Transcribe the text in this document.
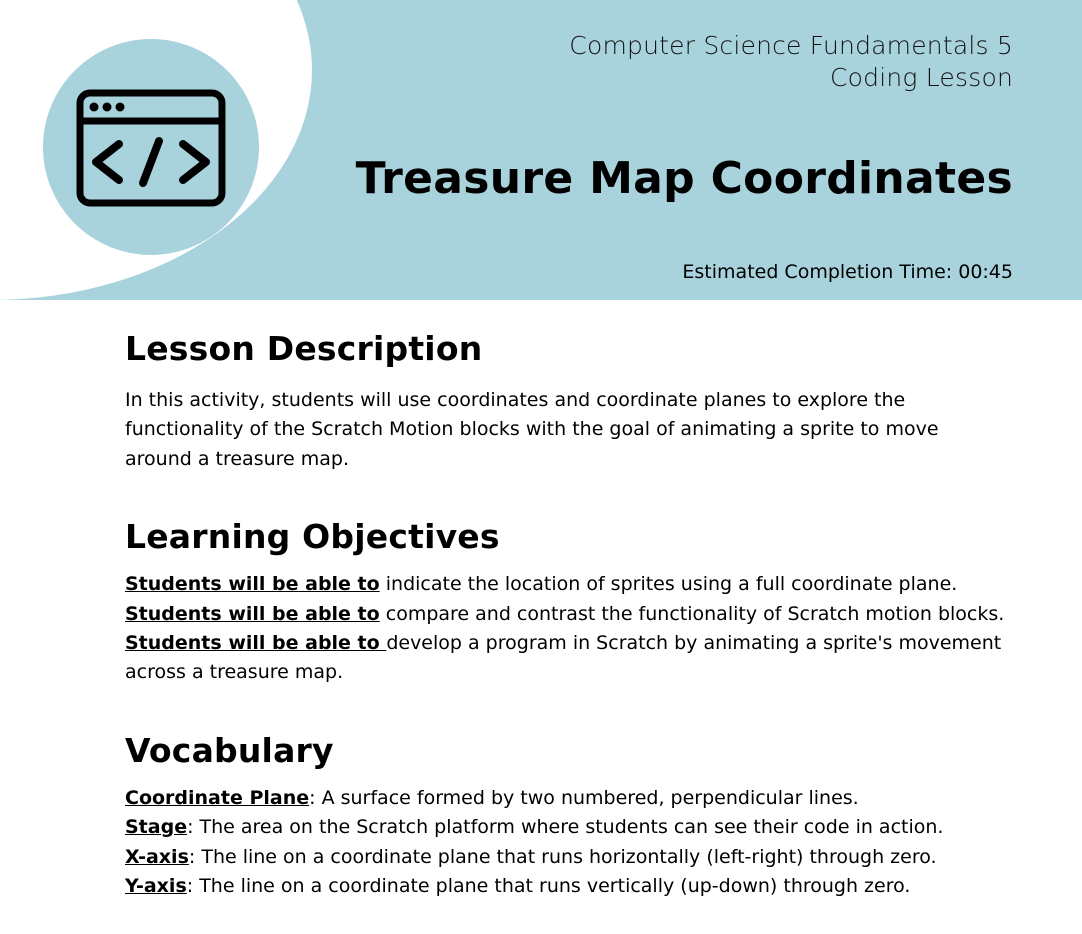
Computer Science Fundamentals 5
Coding Lesson
Treasure Map Coordinates
Estimated Completion Time: 00:45
Lesson Description

In this activity, students will use coordinates and coordinate planes to explore the functionality of the Scratch Motion blocks with the goal of animating a sprite to move around a treasure map.

Learning Objectives

Students will be able to indicate the location of sprites using a full coordinate plane.

Students will be able to compare and contrast the functionality of Scratch motion blocks.

Students will be able to develop a program in Scratch by animating a sprite's movement across a treasure map.

Vocabulary

Coordinate Plane: A surface formed by two numbered, perpendicular lines.

Stage: The area on the Scratch platform where students can see their code in action.

X-axis: The line on a coordinate plane that runs horizontally (left-right) through zero.

Y-axis: The line on a coordinate plane that runs vertically (up-down) through zero.
